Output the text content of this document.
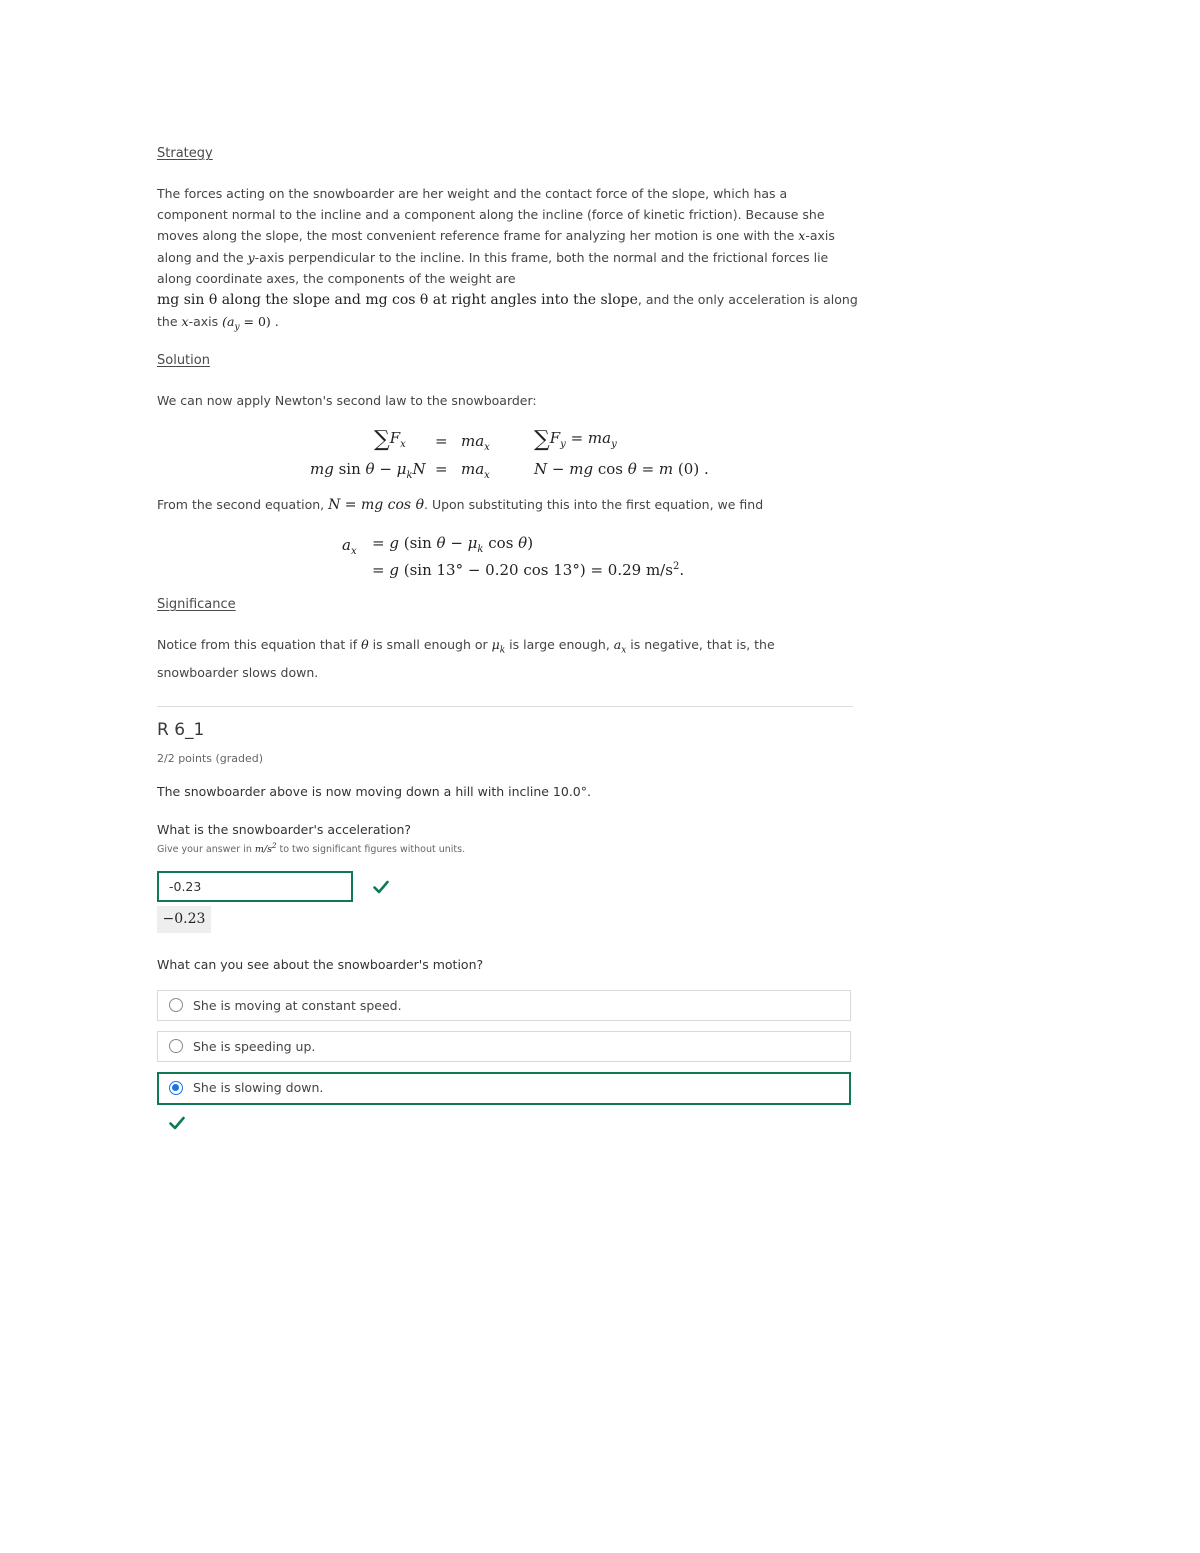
Strategy
The forces acting on the snowboarder are her weight and the contact force of the slope, which has a
component normal to the incline and a component along the incline (force of kinetic friction). Because she
moves along the slope, the most convenient reference frame for analyzing her motion is one with the x-axis
along and the y-axis perpendicular to the incline. In this frame, both the normal and the frictional forces lie
along coordinate axes, the components of the weight are
mg sin θ along the slope and mg cos θ at right angles into the slope, and the only acceleration is along
the x-axis $(a_y = 0)$ .
Solution
We can now apply Newton's second law to the snowboarder:
$\sum F_x = ma_x$ $\sum F_y = ma_y$
mg $\sin \theta - \mu_kN = ma_x$	N − mg cos θ = m (0) .
From the second equation, N = mg cos θ. Upon substituting this into the first equation, we find
$a_x = g$ (sin $\theta - \mu_k$ cos θ)
= g (sin 13° − 0.20 cos 13°) = 0.29 $m/s^2$.
Significance
Notice from this equation that if θ is small enough or $\mu_k$ is large enough, $a_x$ is negative, that is, the
snowboarder slows down.
R 6_1
2/2 points (graded)
The snowboarder above is now moving down a hill with incline 10.0°.
What is the snowboarder's acceleration?
Give your answer in $m/s^2$ to two significant figures without units.
-0.23
−0.23
What can you see about the snowboarder's motion?
She is moving at constant speed.
She is speeding up.
She is slowing down.
